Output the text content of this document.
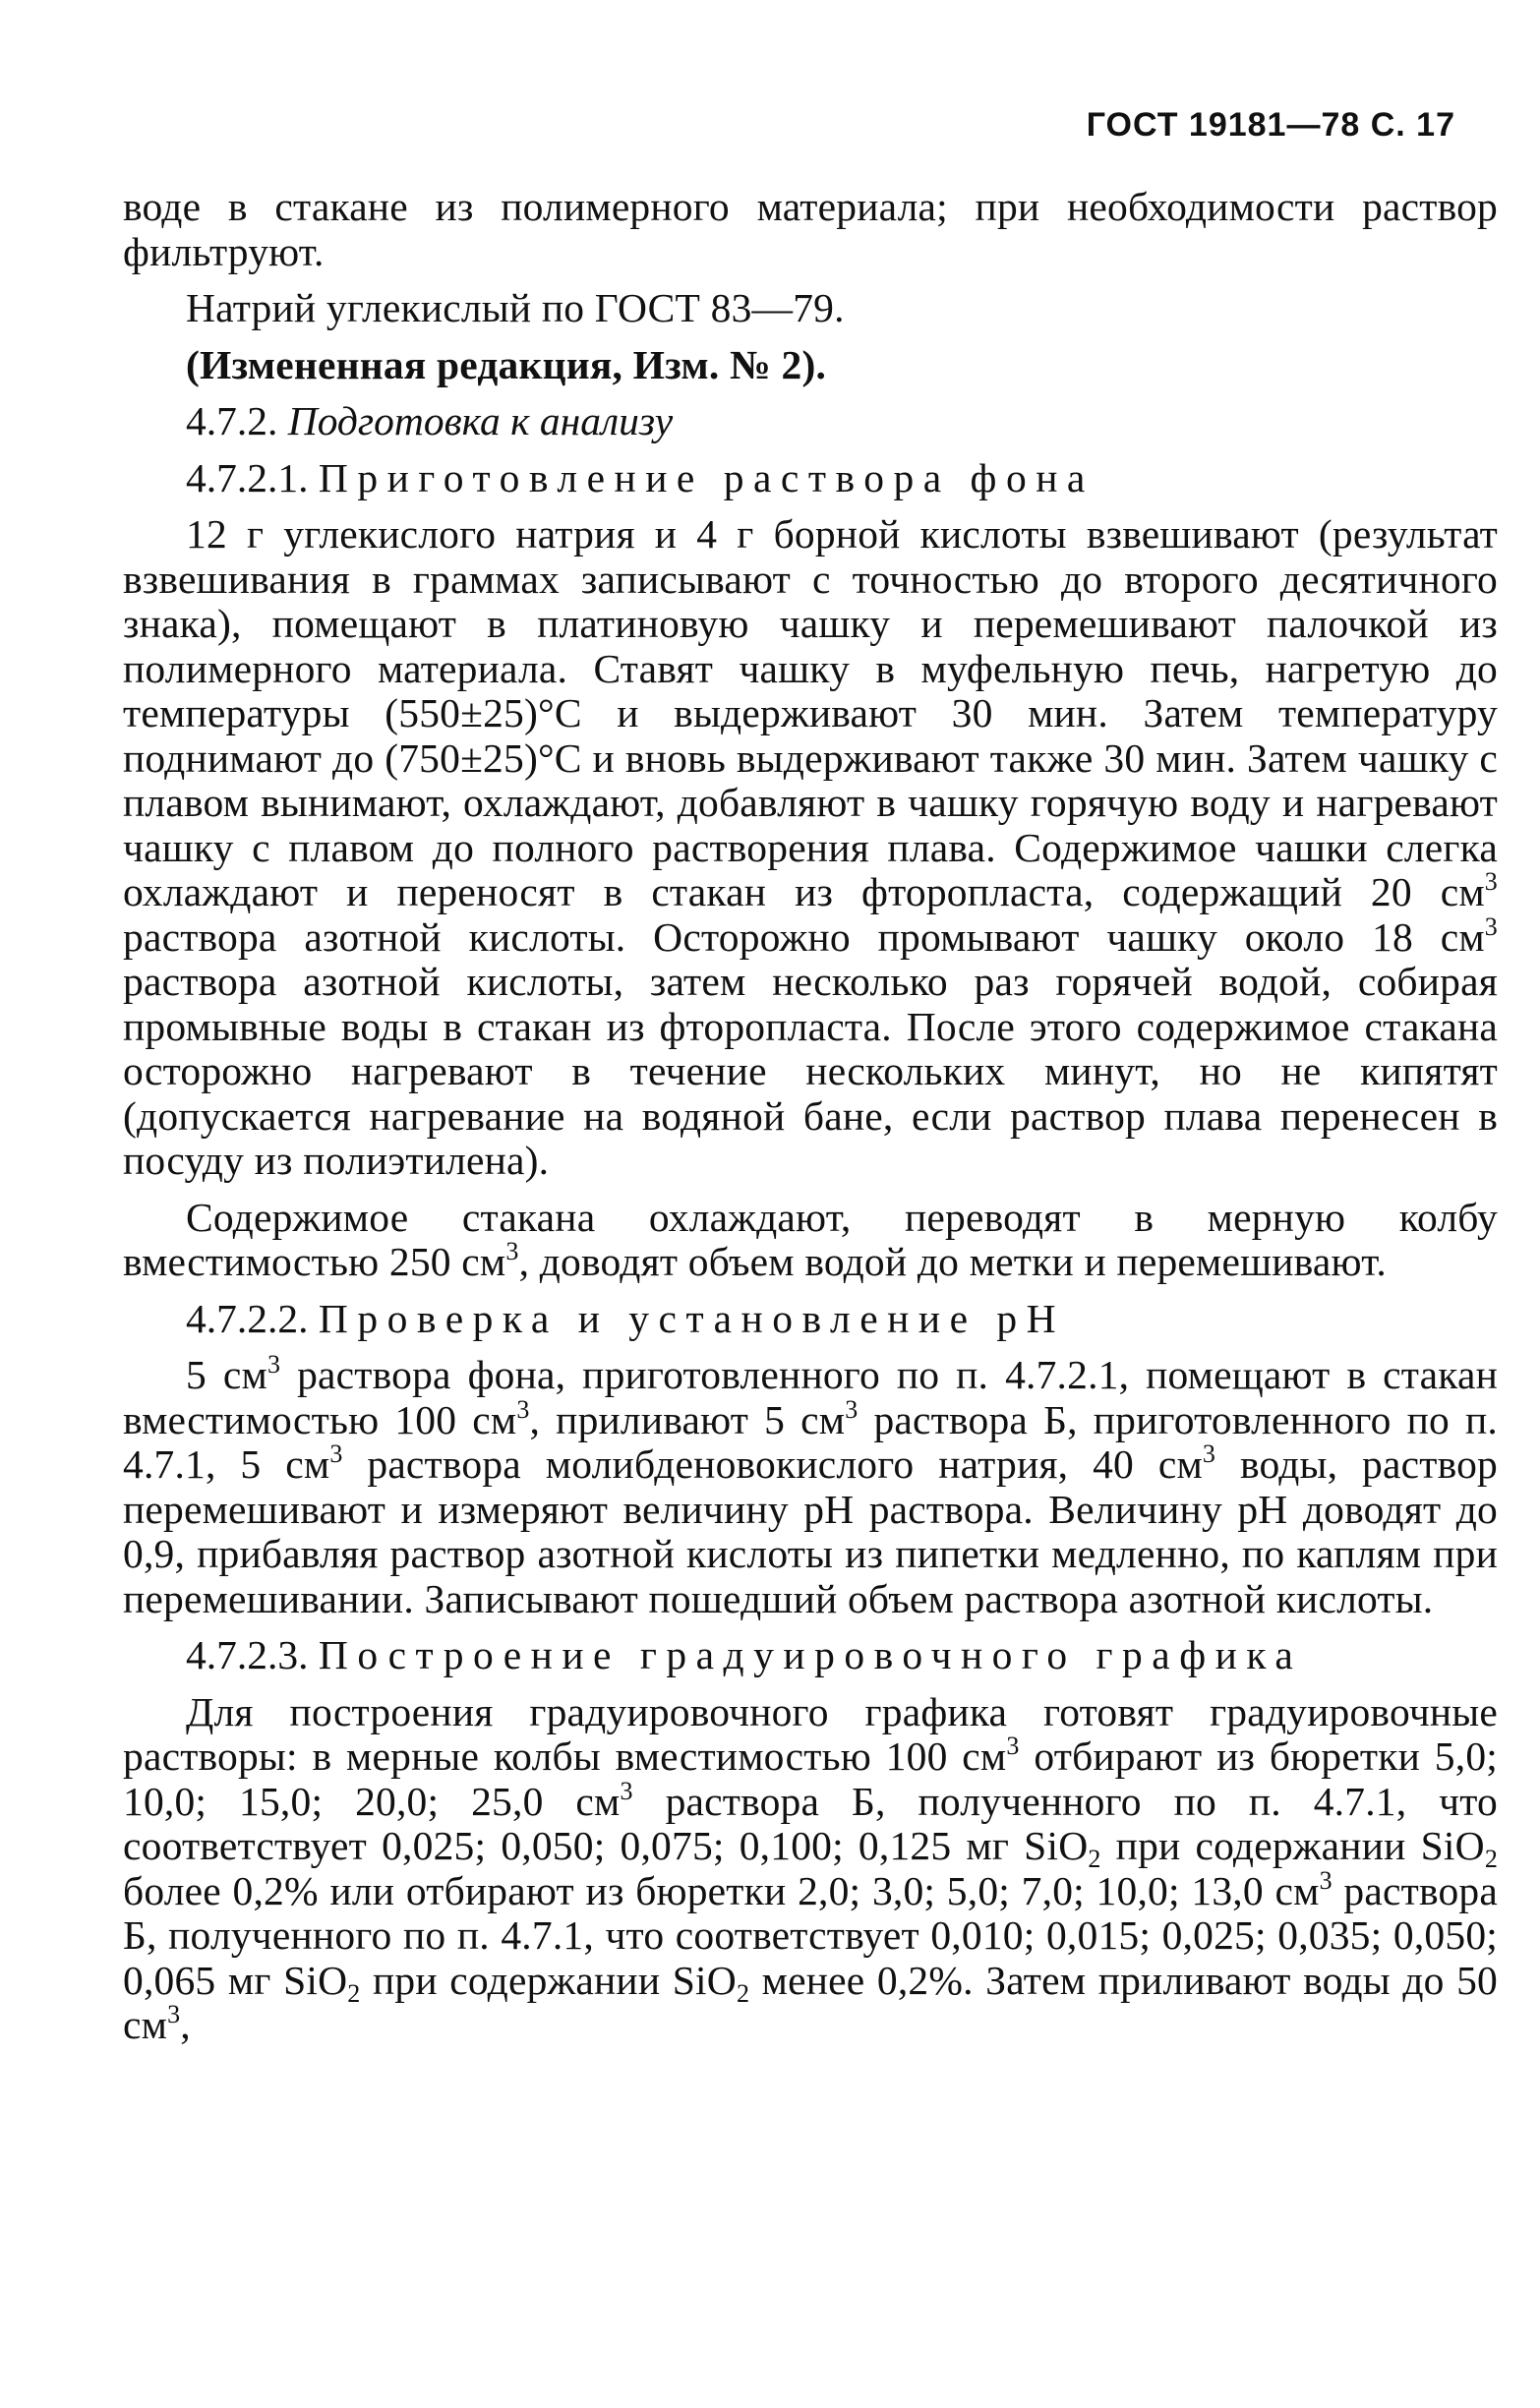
ГОСТ 19181—78 С. 17

воде в стакане из полимерного материала; при необходимости раствор фильтруют.

Натрий углекислый по ГОСТ 83—79.

(Измененная редакция, Изм. № 2).

4.7.2. Подготовка к анализу

4.7.2.1. Приготовление раствора фона

12 г углекислого натрия и 4 г борной кислоты взвешивают (результат взвешивания в граммах записывают с точностью до второго десятичного знака), помещают в платиновую чашку и перемешивают палочкой из полимерного материала. Ставят чашку в муфельную печь, нагретую до температуры (550±25)°С и выдерживают 30 мин. Затем температуру поднимают до (750±25)°С и вновь выдерживают также 30 мин. Затем чашку с плавом вынимают, охлаждают, добавляют в чашку горячую воду и нагревают чашку с плавом до полного растворения плава. Содержимое чашки слегка охлаждают и переносят в стакан из фторопласта, содержащий 20 $см^3$ раствора азотной кислоты. Осторожно промывают чашку около 18 $см^3$ раствора азотной кислоты, затем несколько раз горячей водой, собирая промывные воды в стакан из фторопласта. После этого содержимое стакана осторожно нагревают в течение нескольких минут, но не кипятят (допускается нагревание на водяной бане, если раствор плава перенесен в посуду из полиэтилена).

Содержимое стакана охлаждают, переводят в мерную колбу вместимостью 250 $см^3$, доводят объем водой до метки и перемешивают.

4.7.2.2. Проверка и установление pH

5 $см^3$ раствора фона, приготовленного по п. 4.7.2.1, помещают в стакан вместимостью 100 $см^3$, приливают 5 $см^3$ раствора Б, приготовленного по п. 4.7.1, 5 $см^3$ раствора молибденовокислого натрия, 40 $см^3$ воды, раствор перемешивают и измеряют величину pH раствора. Величину pH доводят до 0,9, прибавляя раствор азотной кислоты из пипетки медленно, по каплям при перемешивании. Записывают пошедший объем раствора азотной кислоты.

4.7.2.3. Построение градуировочного графика

Для построения градуировочного графика готовят градуировочные растворы: в мерные колбы вместимостью 100 $см^3$ отбирают из бюретки 5,0; 10,0; 15,0; 20,0; 25,0 $см^3$ раствора Б, полученного по п. 4.7.1, что соответствует 0,025; 0,050; 0,075; 0,100; 0,125 мг SiO$_2$ при содержании SiO$_2$ более 0,2% или отбирают из бюретки 2,0; 3,0; 5,0; 7,0; 10,0; 13,0 $см^3$ раствора Б, полученного по п. 4.7.1, что соответствует 0,010; 0,015; 0,025; 0,035; 0,050; 0,065 мг SiO$_2$ при содержании SiO$_2$ менее 0,2%. Затем приливают воды до 50 $см^3$,
